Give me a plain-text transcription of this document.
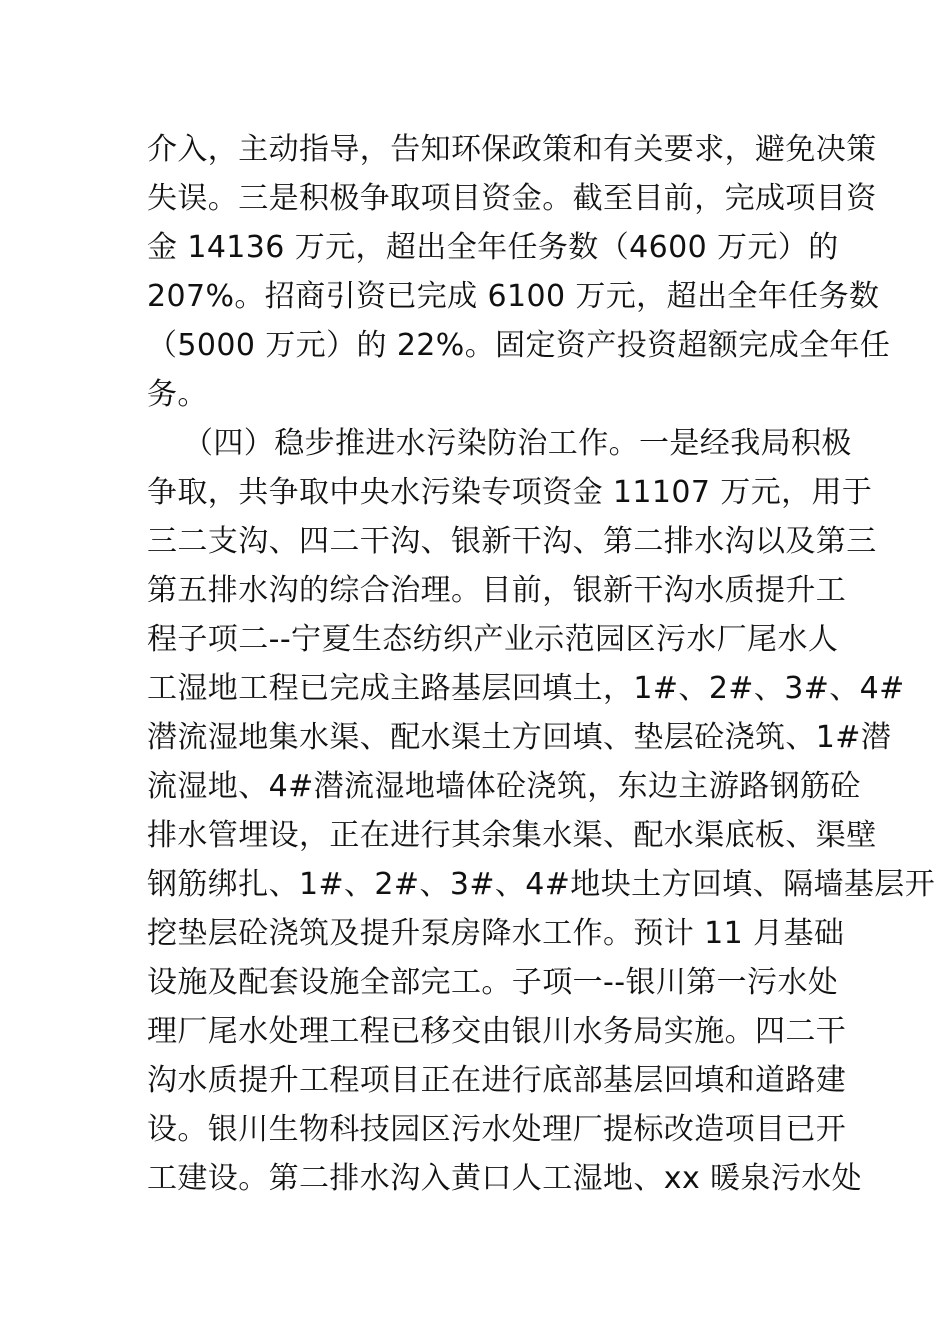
介入，主动指导，告知环保政策和有关要求，避免决策
失误。三是积极争取项目资金。截至目前，完成项目资
金 14136 万元，超出全年任务数（4600 万元）的
207%。招商引资已完成 6100 万元，超出全年任务数
（5000 万元）的 22%。固定资产投资超额完成全年任
务。
（四）稳步推进水污染防治工作。一是经我局积极
争取，共争取中央水污染专项资金 11107 万元，用于
三二支沟、四二干沟、银新干沟、第二排水沟以及第三
第五排水沟的综合治理。目前，银新干沟水质提升工
程子项二--宁夏生态纺织产业示范园区污水厂尾水人
工湿地工程已完成主路基层回填土，1#、2#、3#、4#
潜流湿地集水渠、配水渠土方回填、垫层砼浇筑、1#潜
流湿地、4#潜流湿地墙体砼浇筑，东边主游路钢筋砼
排水管埋设，正在进行其余集水渠、配水渠底板、渠壁
钢筋绑扎、1#、2#、3#、4#地块土方回填、隔墙基层开
挖垫层砼浇筑及提升泵房降水工作。预计 11 月基础
设施及配套设施全部完工。子项一--银川第一污水处
理厂尾水处理工程已移交由银川水务局实施。四二干
沟水质提升工程项目正在进行底部基层回填和道路建
设。银川生物科技园区污水处理厂提标改造项目已开
工建设。第二排水沟入黄口人工湿地、xx 暖泉污水处
